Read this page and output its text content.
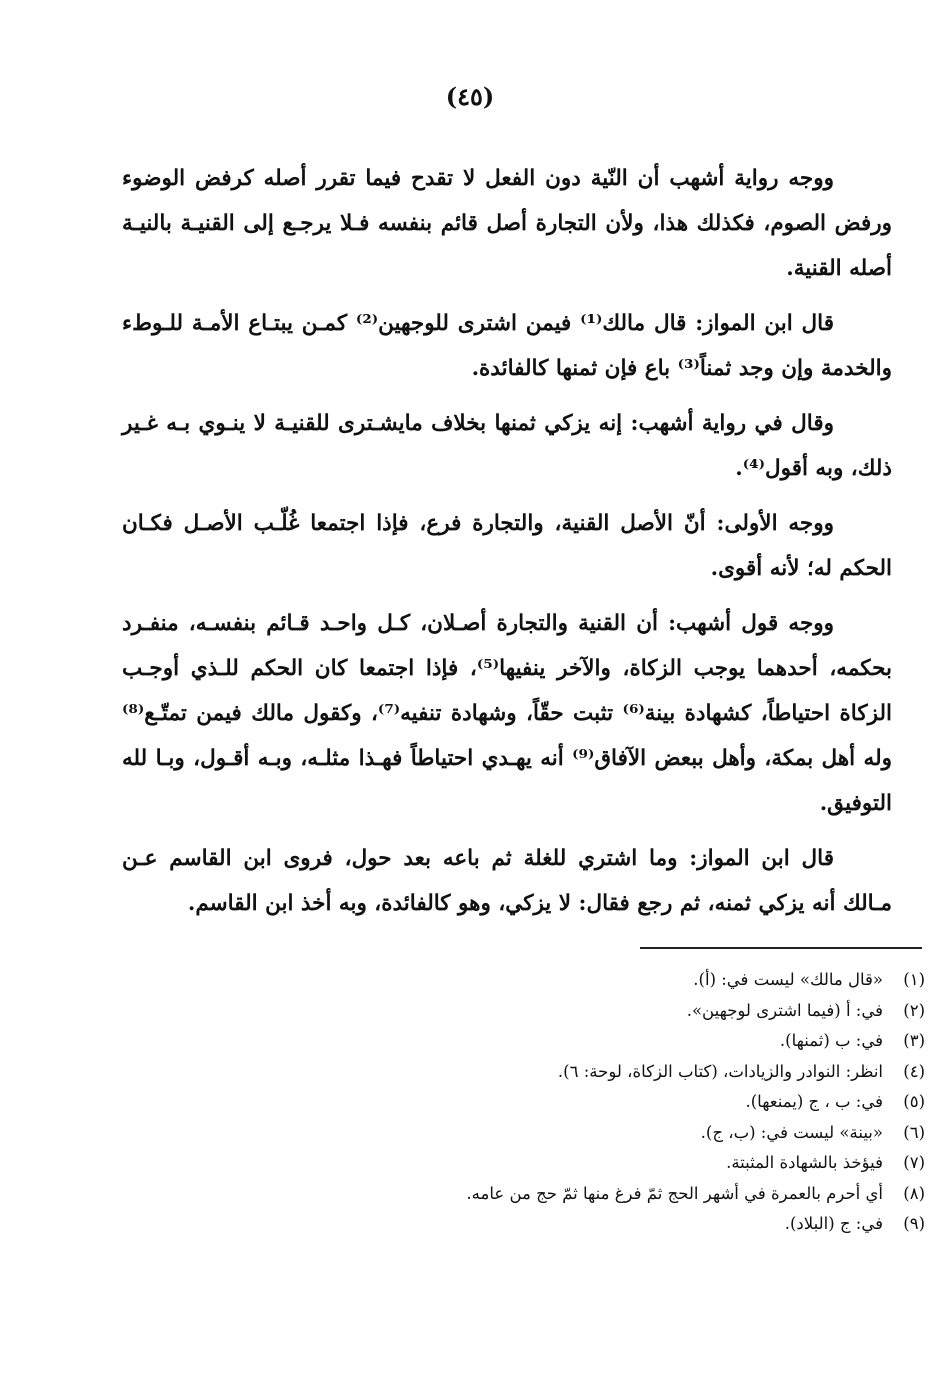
(٤٥)

ووجه رواية أشهب أن النّية دون الفعل لا تقدح فيما تقرر أصله كرفض الوضوء ورفض الصوم، فكذلك هذا، ولأن التجارة أصل قائم بنفسه فـلا يرجـع إلى القنيـة بالنيـة أصله القنية.

قال ابن المواز: قال مالك⁽¹⁾ فيمن اشترى للوجهين⁽²⁾ كمـن يبتـاع الأمـة للـوطء والخدمة وإن وجد ثمناً⁽³⁾ باع فإن ثمنها كالفائدة.

وقال في رواية أشهب: إنه يزكي ثمنها بخلاف مايشـترى للقنيـة لا ينـوي بـه غـير ذلك، وبه أقول⁽⁴⁾.

ووجه الأولى: أنّ الأصل القنية، والتجارة فرع، فإذا اجتمعا غُلّـب الأصـل فكـان الحكم له؛ لأنه أقوى.

ووجه قول أشهب: أن القنية والتجارة أصـلان، كـل واحـد قـائم بنفسـه، منفـرد بحكمه، أحدهما يوجب الزكاة، والآخر ينفيها⁽⁵⁾، فإذا اجتمعا كان الحكم للـذي أوجـب الزكاة احتياطاً، كشهادة بينة⁽⁶⁾ تثبت حقّاً، وشهادة تنفيه⁽⁷⁾، وكقول مالك فيمن تمتّـع⁽⁸⁾ وله أهل بمكة، وأهل ببعض الآفاق⁽⁹⁾ أنه يهـدي احتياطاً فهـذا مثلـه، وبـه أقـول، وبـا لله التوفيق.

قال ابن المواز: وما اشتري للغلة ثم باعه بعد حول، فروى ابن القاسم عـن مـالك أنه يزكي ثمنه، ثم رجع فقال: لا يزكي، وهو كالفائدة، وبه أخذ ابن القاسم.

(١)
«قال مالك» ليست في: (أ).
(٢)
في: أ (فيما اشترى لوجهين».
(٣)
في: ب (ثمنها).
(٤)
انظر: النوادر والزيادات، (كتاب الزكاة، لوحة: ٦).
(٥)
في: ب ، ج (يمنعها).
(٦)
«بينة» ليست في: (ب، ج).
(٧)
فيؤخذ بالشهادة المثبتة.
(٨)
أي أحرم بالعمرة في أشهر الحج ثمّ فرغ منها ثمّ حج من عامه.
(٩)
في: ج (البلاد).
